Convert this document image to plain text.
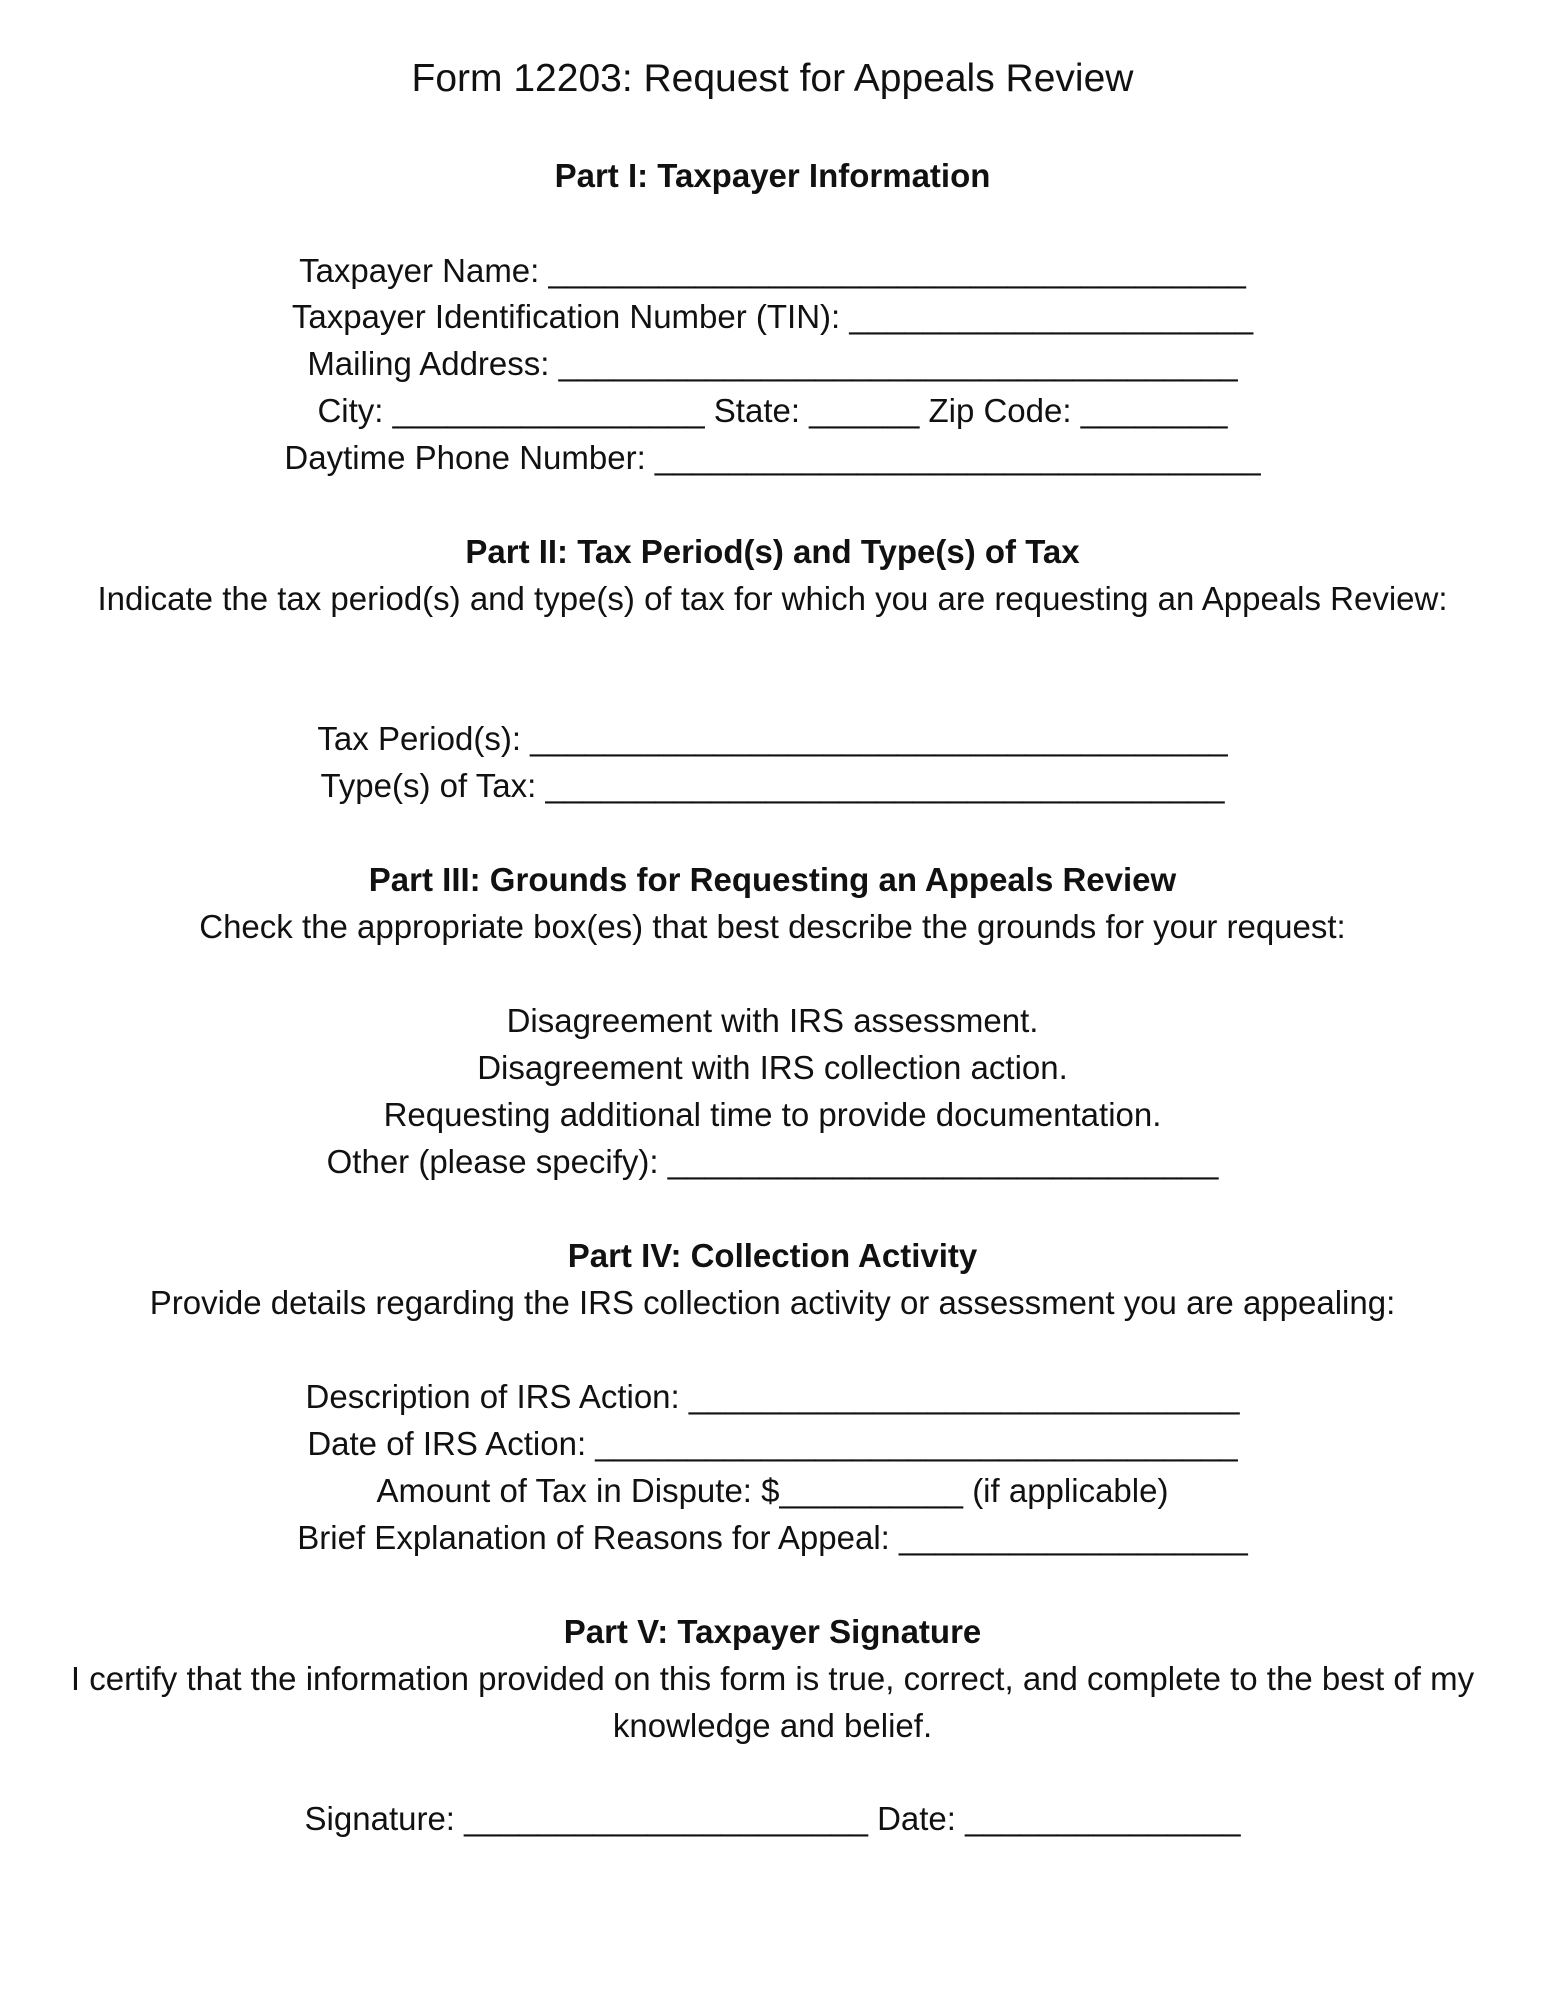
Form 12203: Request for Appeals Review
Part I: Taxpayer Information

Taxpayer Name: ______________________________________

Taxpayer Identification Number (TIN): ______________________

Mailing Address: _____________________________________

City: _________________ State: ______ Zip Code: ________

Daytime Phone Number: _________________________________

Part II: Tax Period(s) and Type(s) of Tax

Indicate the tax period(s) and type(s) of tax for which you are requesting an Appeals Review:

Tax Period(s): ______________________________________

Type(s) of Tax: _____________________________________

Part III: Grounds for Requesting an Appeals Review

Check the appropriate box(es) that best describe the grounds for your request:

Disagreement with IRS assessment.

Disagreement with IRS collection action.

Requesting additional time to provide documentation.

Other (please specify): ______________________________

Part IV: Collection Activity

Provide details regarding the IRS collection activity or assessment you are appealing:

Description of IRS Action: ______________________________

Date of IRS Action: ___________________________________

Amount of Tax in Dispute: $__________ (if applicable)

Brief Explanation of Reasons for Appeal: ___________________

Part V: Taxpayer Signature

I certify that the information provided on this form is true, correct, and complete to the best of my knowledge and belief.

Signature: ______________________ Date: _______________
